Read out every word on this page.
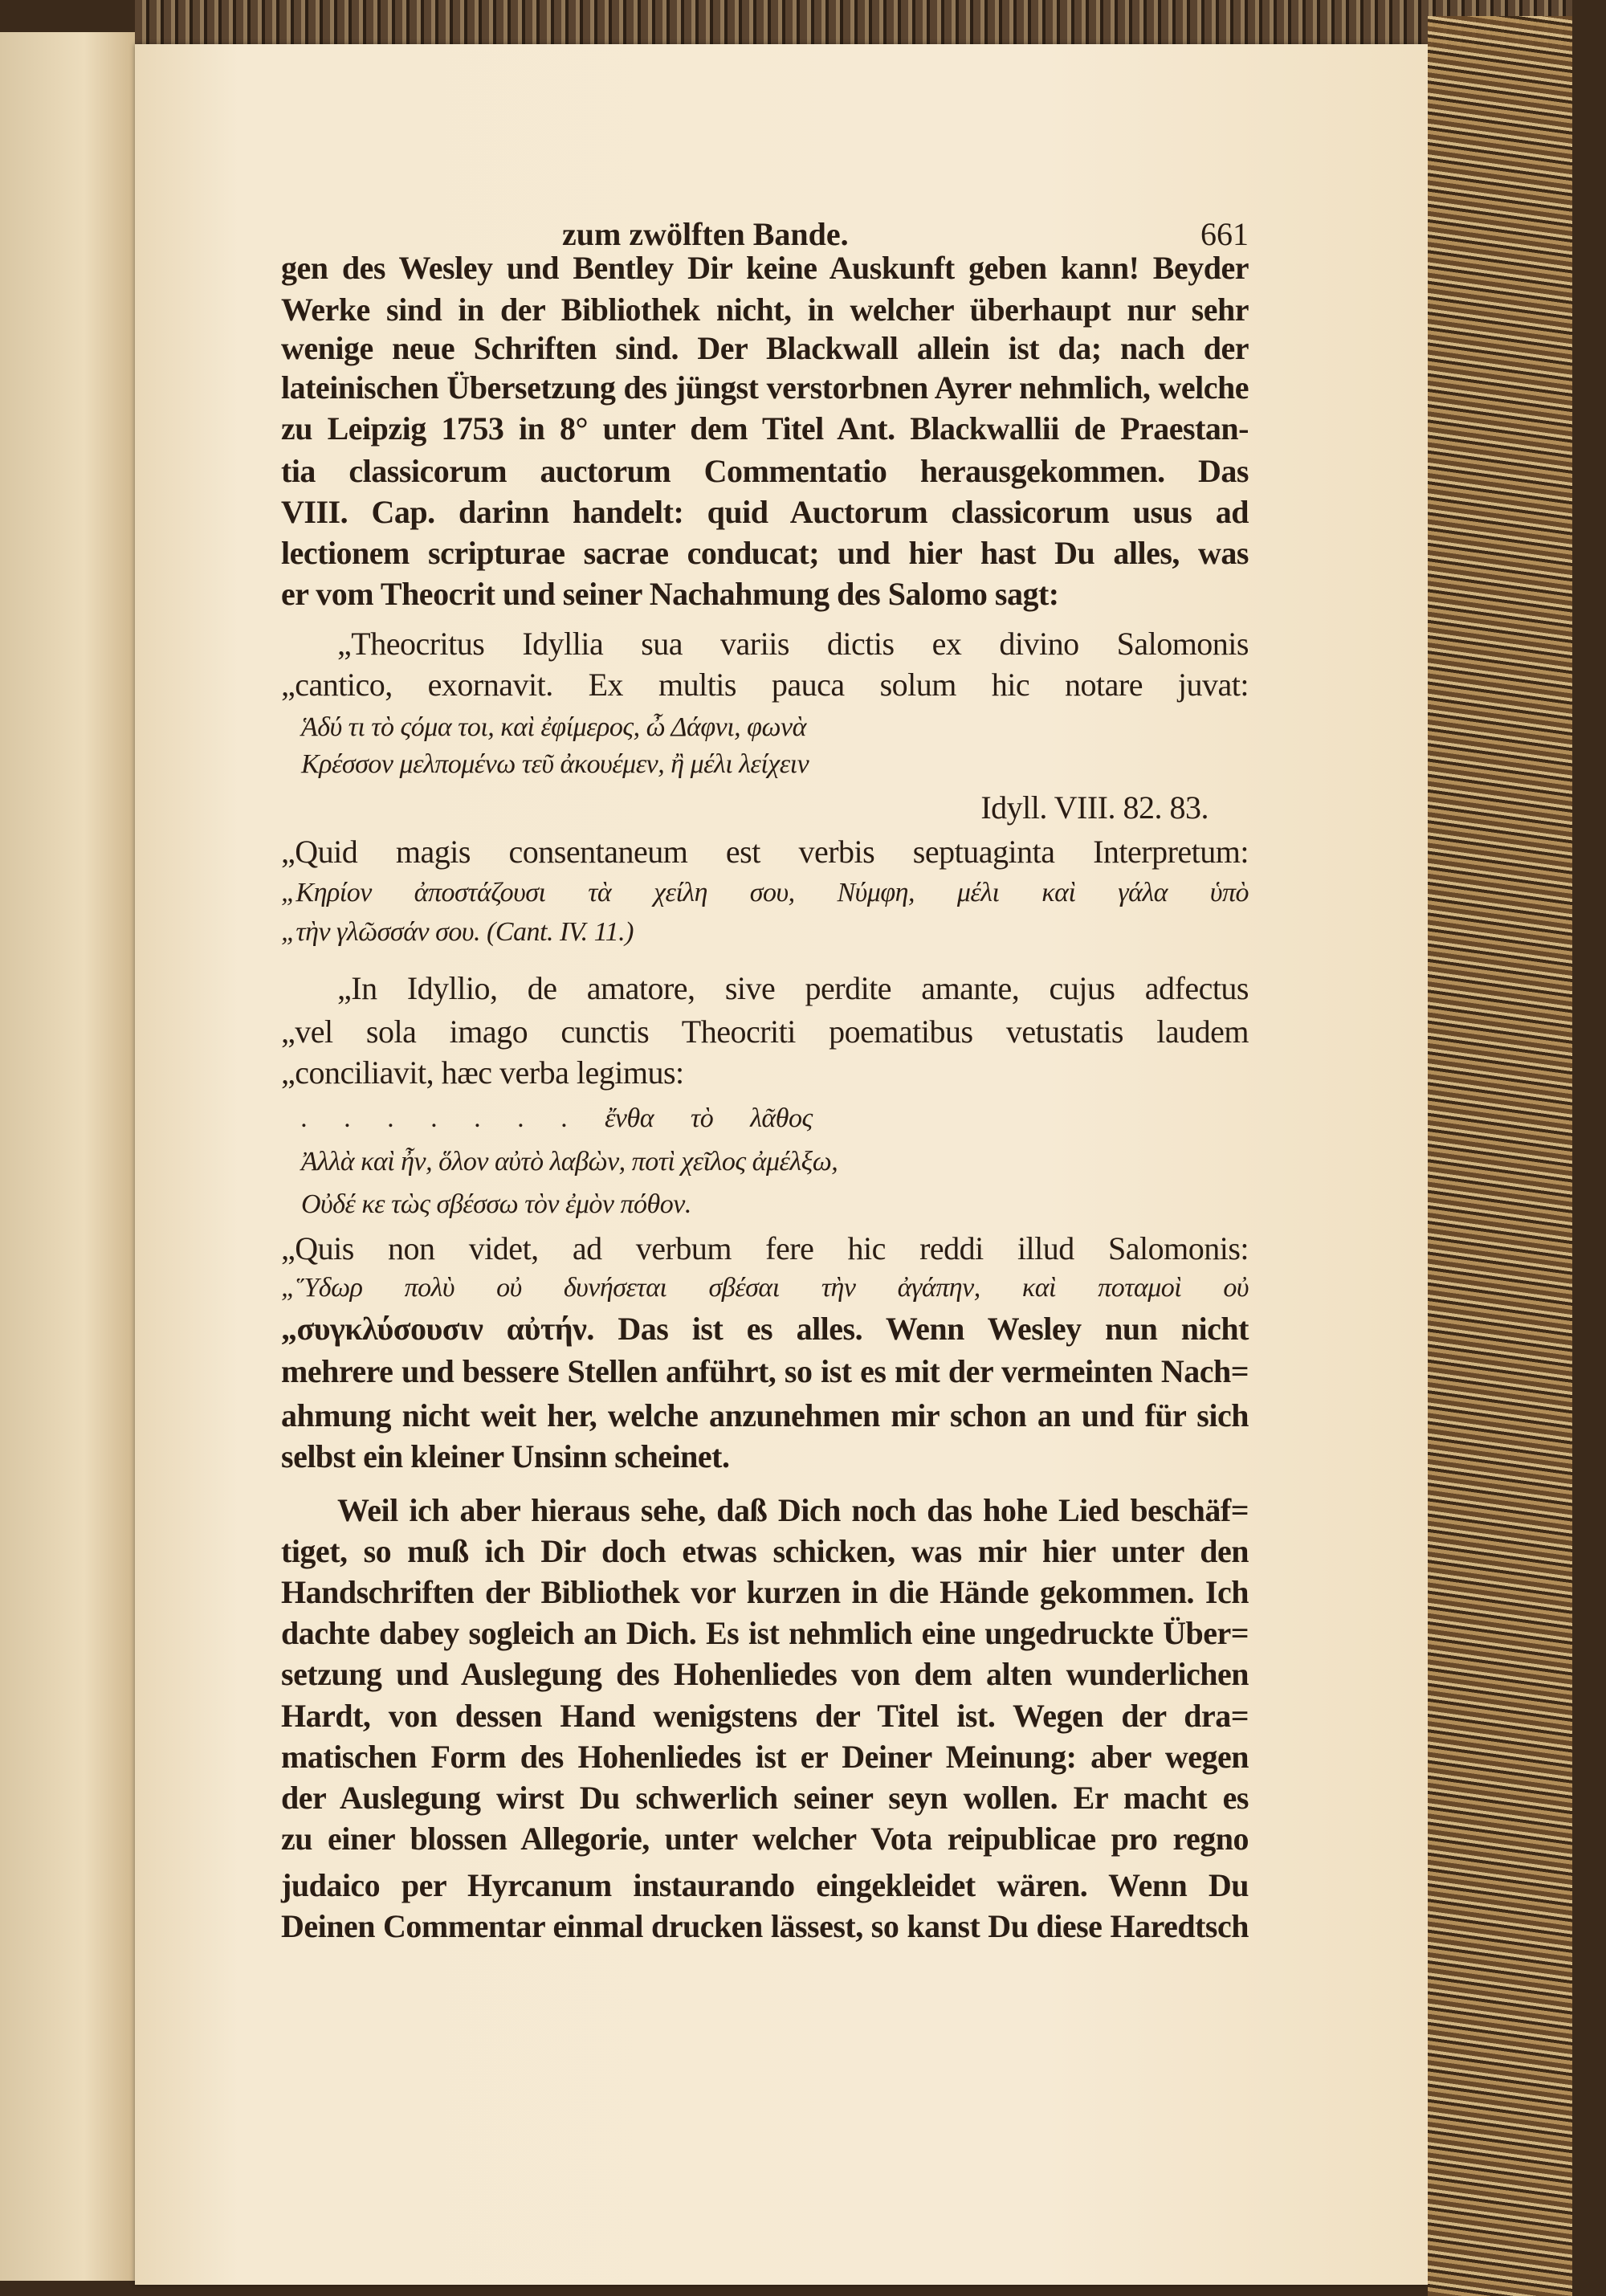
zum zwölften Bande.	661
gen des Wesley und Bentley Dir keine Auskunft geben kann! Beyder
Werke sind in der Bibliothek nicht, in welcher überhaupt nur sehr
wenige neue Schriften sind. Der Blackwall allein ist da; nach der
lateinischen Übersetzung des jüngst verstorbnen Ayrer nehmlich, welche
zu Leipzig 1753 in 8° unter dem Titel Ant. Blackwallii de Praestan-
tia classicorum auctorum Commentatio herausgekommen. Das
VIII. Cap. darinn handelt: quid Auctorum classicorum usus ad
lectionem scripturae sacrae conducat; und hier hast Du alles, was
er vom Theocrit und seiner Nachahmung des Salomo sagt:
„Theocritus Idyllia sua variis dictis ex divino Salomonis
„cantico, exornavit. Ex multis pauca solum hic notare juvat:
Ἁδύ τι τὸ ςόμα τοι, καὶ ἐφίμερος, ὦ Δάφνι, φωνὰ
Κρέσσον μελπομένω τεῦ ἀκουέμεν, ἢ μέλι λείχειν
Idyll. VIII. 82. 83.
„Quid magis consentaneum est verbis septuaginta Interpretum:
„Κηρίον ἀποστάζουσι τὰ χείλη σου, Νύμφη, μέλι καὶ γάλα ὑπὸ
„τὴν γλῶσσάν σου. (Cant. IV. 11.)
„In Idyllio, de amatore, sive perdite amante, cujus adfectus
„vel sola imago cunctis Theocriti poematibus vetustatis laudem
„conciliavit, hæc verba legimus:
. . . . . . . ἔνθα τὸ λᾶθος
Ἀλλὰ καὶ ἦν, ὅλον αὐτὸ λαβὼν, ποτὶ χεῖλος ἀμέλξω,
Οὐδέ κε τὼς σβέσσω τὸν ἐμὸν πόθον.
„Quis non videt, ad verbum fere hic reddi illud Salomonis:
„Ὕδωρ πολὺ οὐ δυνήσεται σβέσαι τὴν ἀγάπην, καὶ ποταμοὶ οὐ
„συγκλύσουσιν αὐτήν. Das ist es alles. Wenn Wesley nun nicht
mehrere und bessere Stellen anführt, so ist es mit der vermeinten Nach=
ahmung nicht weit her, welche anzunehmen mir schon an und für sich
selbst ein kleiner Unsinn scheinet.
Weil ich aber hieraus sehe, daß Dich noch das hohe Lied beschäf=
tiget, so muß ich Dir doch etwas schicken, was mir hier unter den
Handschriften der Bibliothek vor kurzen in die Hände gekommen. Ich
dachte dabey sogleich an Dich. Es ist nehmlich eine ungedruckte Über=
setzung und Auslegung des Hohenliedes von dem alten wunderlichen
Hardt, von dessen Hand wenigstens der Titel ist. Wegen der dra=
matischen Form des Hohenliedes ist er Deiner Meinung: aber wegen
der Auslegung wirst Du schwerlich seiner seyn wollen. Er macht es
zu einer blossen Allegorie, unter welcher Vota reipublicae pro regno
judaico per Hyrcanum instaurando eingekleidet wären. Wenn Du
Deinen Commentar einmal drucken lässest, so kanst Du diese Haredtsch
